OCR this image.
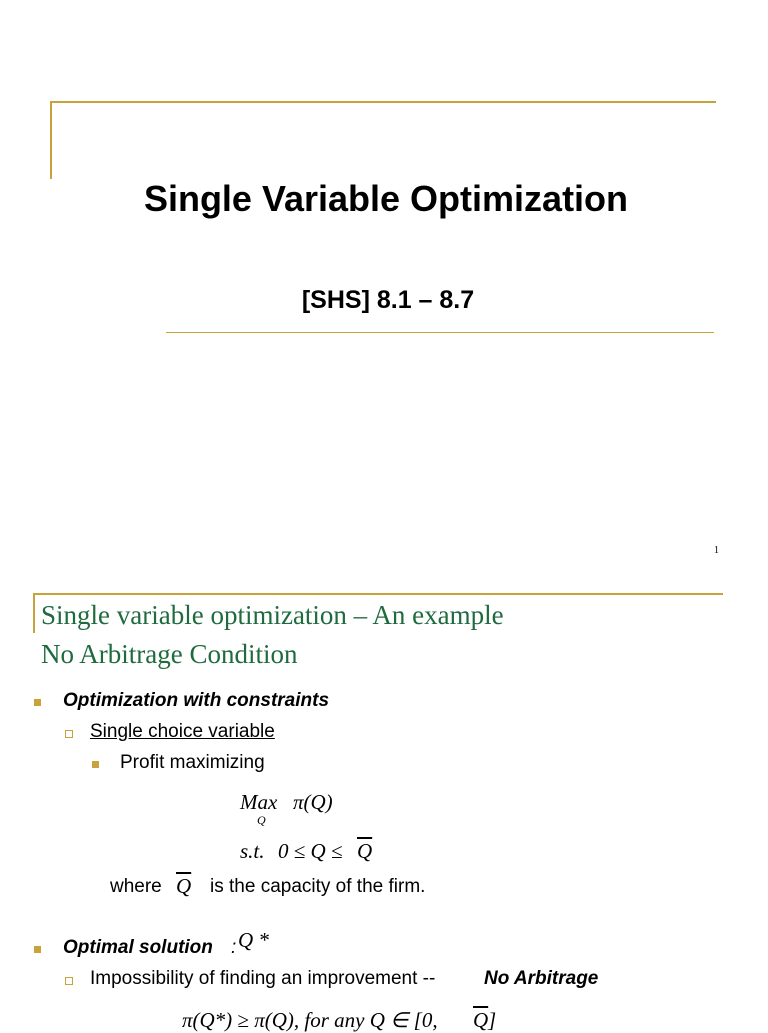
Single Variable Optimization
[SHS] 8.1 – 8.7
1
Single variable optimization – An example
No Arbitrage Condition
Optimization with constraints
Single choice variable
Profit maximizing
Max
Q
π(Q)
s.t. $0 \le Q \le \overline{Q}$
where $\overline{Q}$ is the capacity of the firm.
Optimal solution : Q *
Impossibility of finding an improvement --	No Arbitrage
π(Q*) ≥ π(Q), for any Q ∈ [0, $\overline{Q}$ ]
